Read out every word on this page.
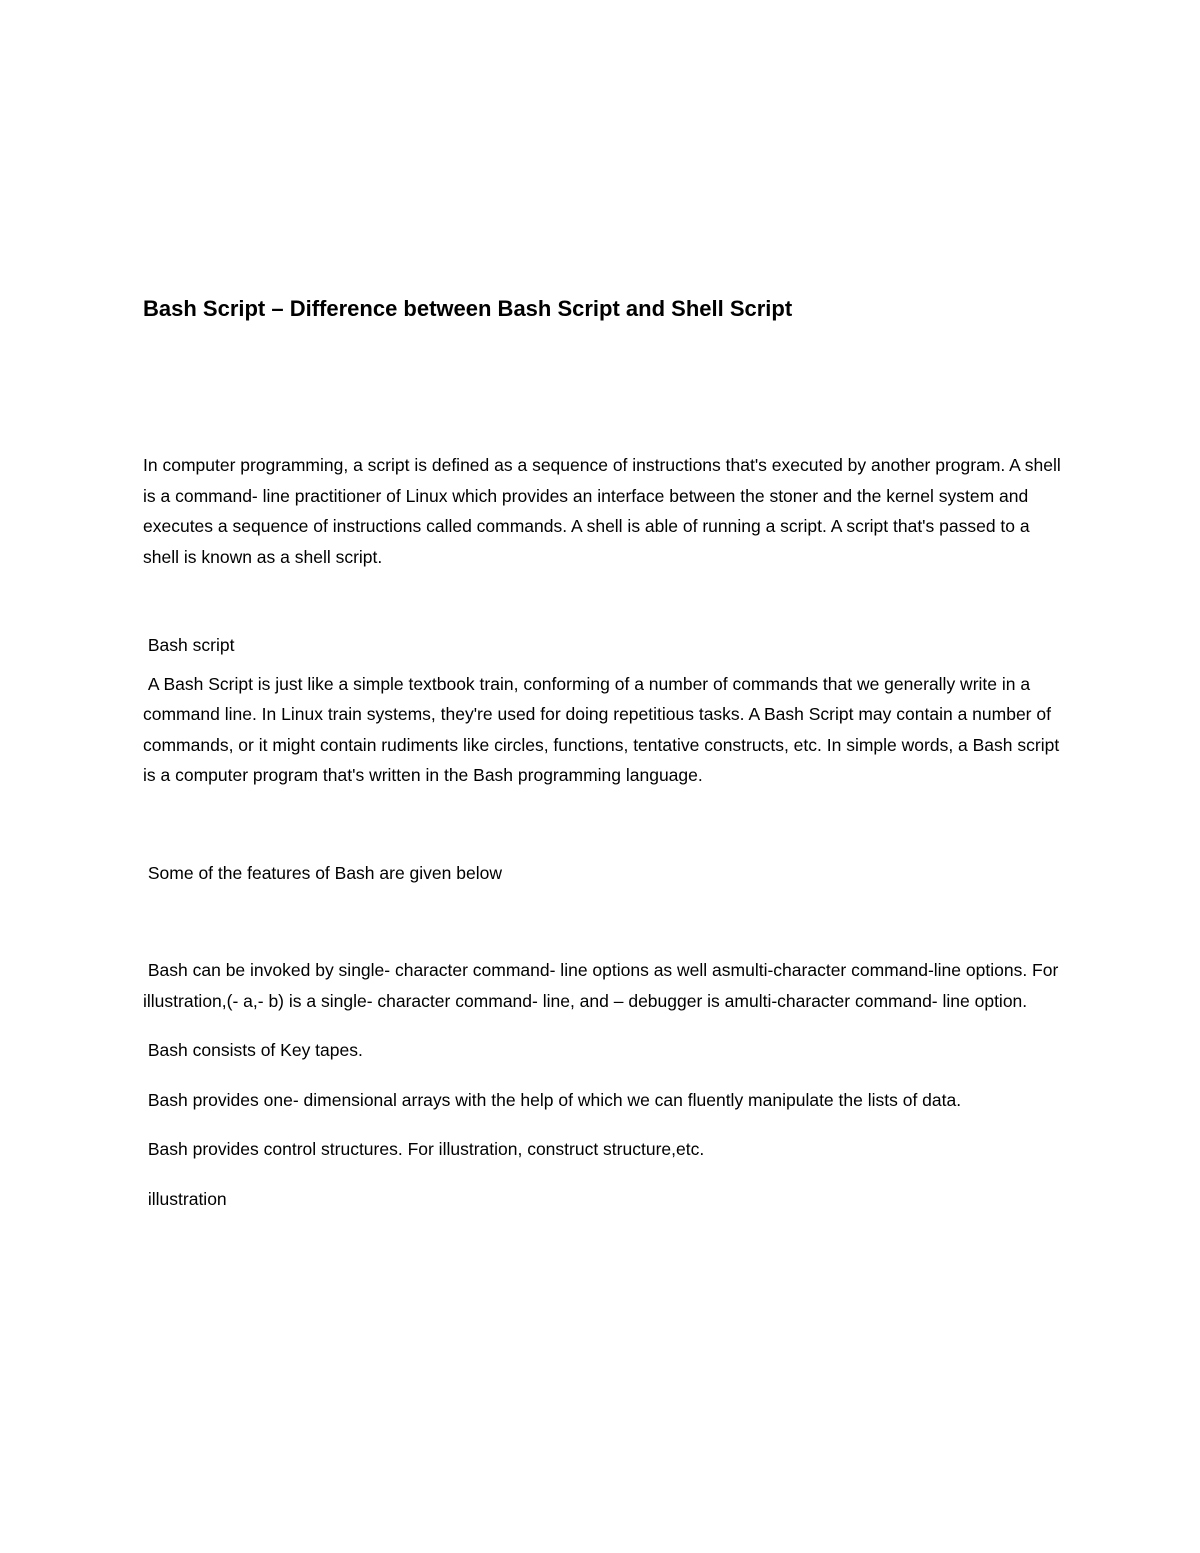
Bash Script – Difference between Bash Script and Shell Script

In computer programming, a script is defined as a sequence of instructions that's executed by another program. A shell is a command- line practitioner of Linux which provides an interface between the stoner and the kernel system and executes a sequence of instructions called commands. A shell is able of running a script. A script that's passed to a shell is known as a shell script.

Bash script

A Bash Script is just like a simple textbook train, conforming of a number of commands that we generally write in a command line. In Linux train systems, they're used for doing repetitious tasks. A Bash Script may contain a number of commands, or it might contain rudiments like circles, functions, tentative constructs, etc. In simple words, a Bash script is a computer program that's written in the Bash programming language.

Some of the features of Bash are given below

Bash can be invoked by single- character command- line options as well asmulti-character command-line options. For illustration,(- a,- b) is a single- character command- line, and – debugger is amulti-character command- line option.

Bash consists of Key tapes.

Bash provides one- dimensional arrays with the help of which we can fluently manipulate the lists of data.

Bash provides control structures. For illustration, construct structure,etc.

illustration
